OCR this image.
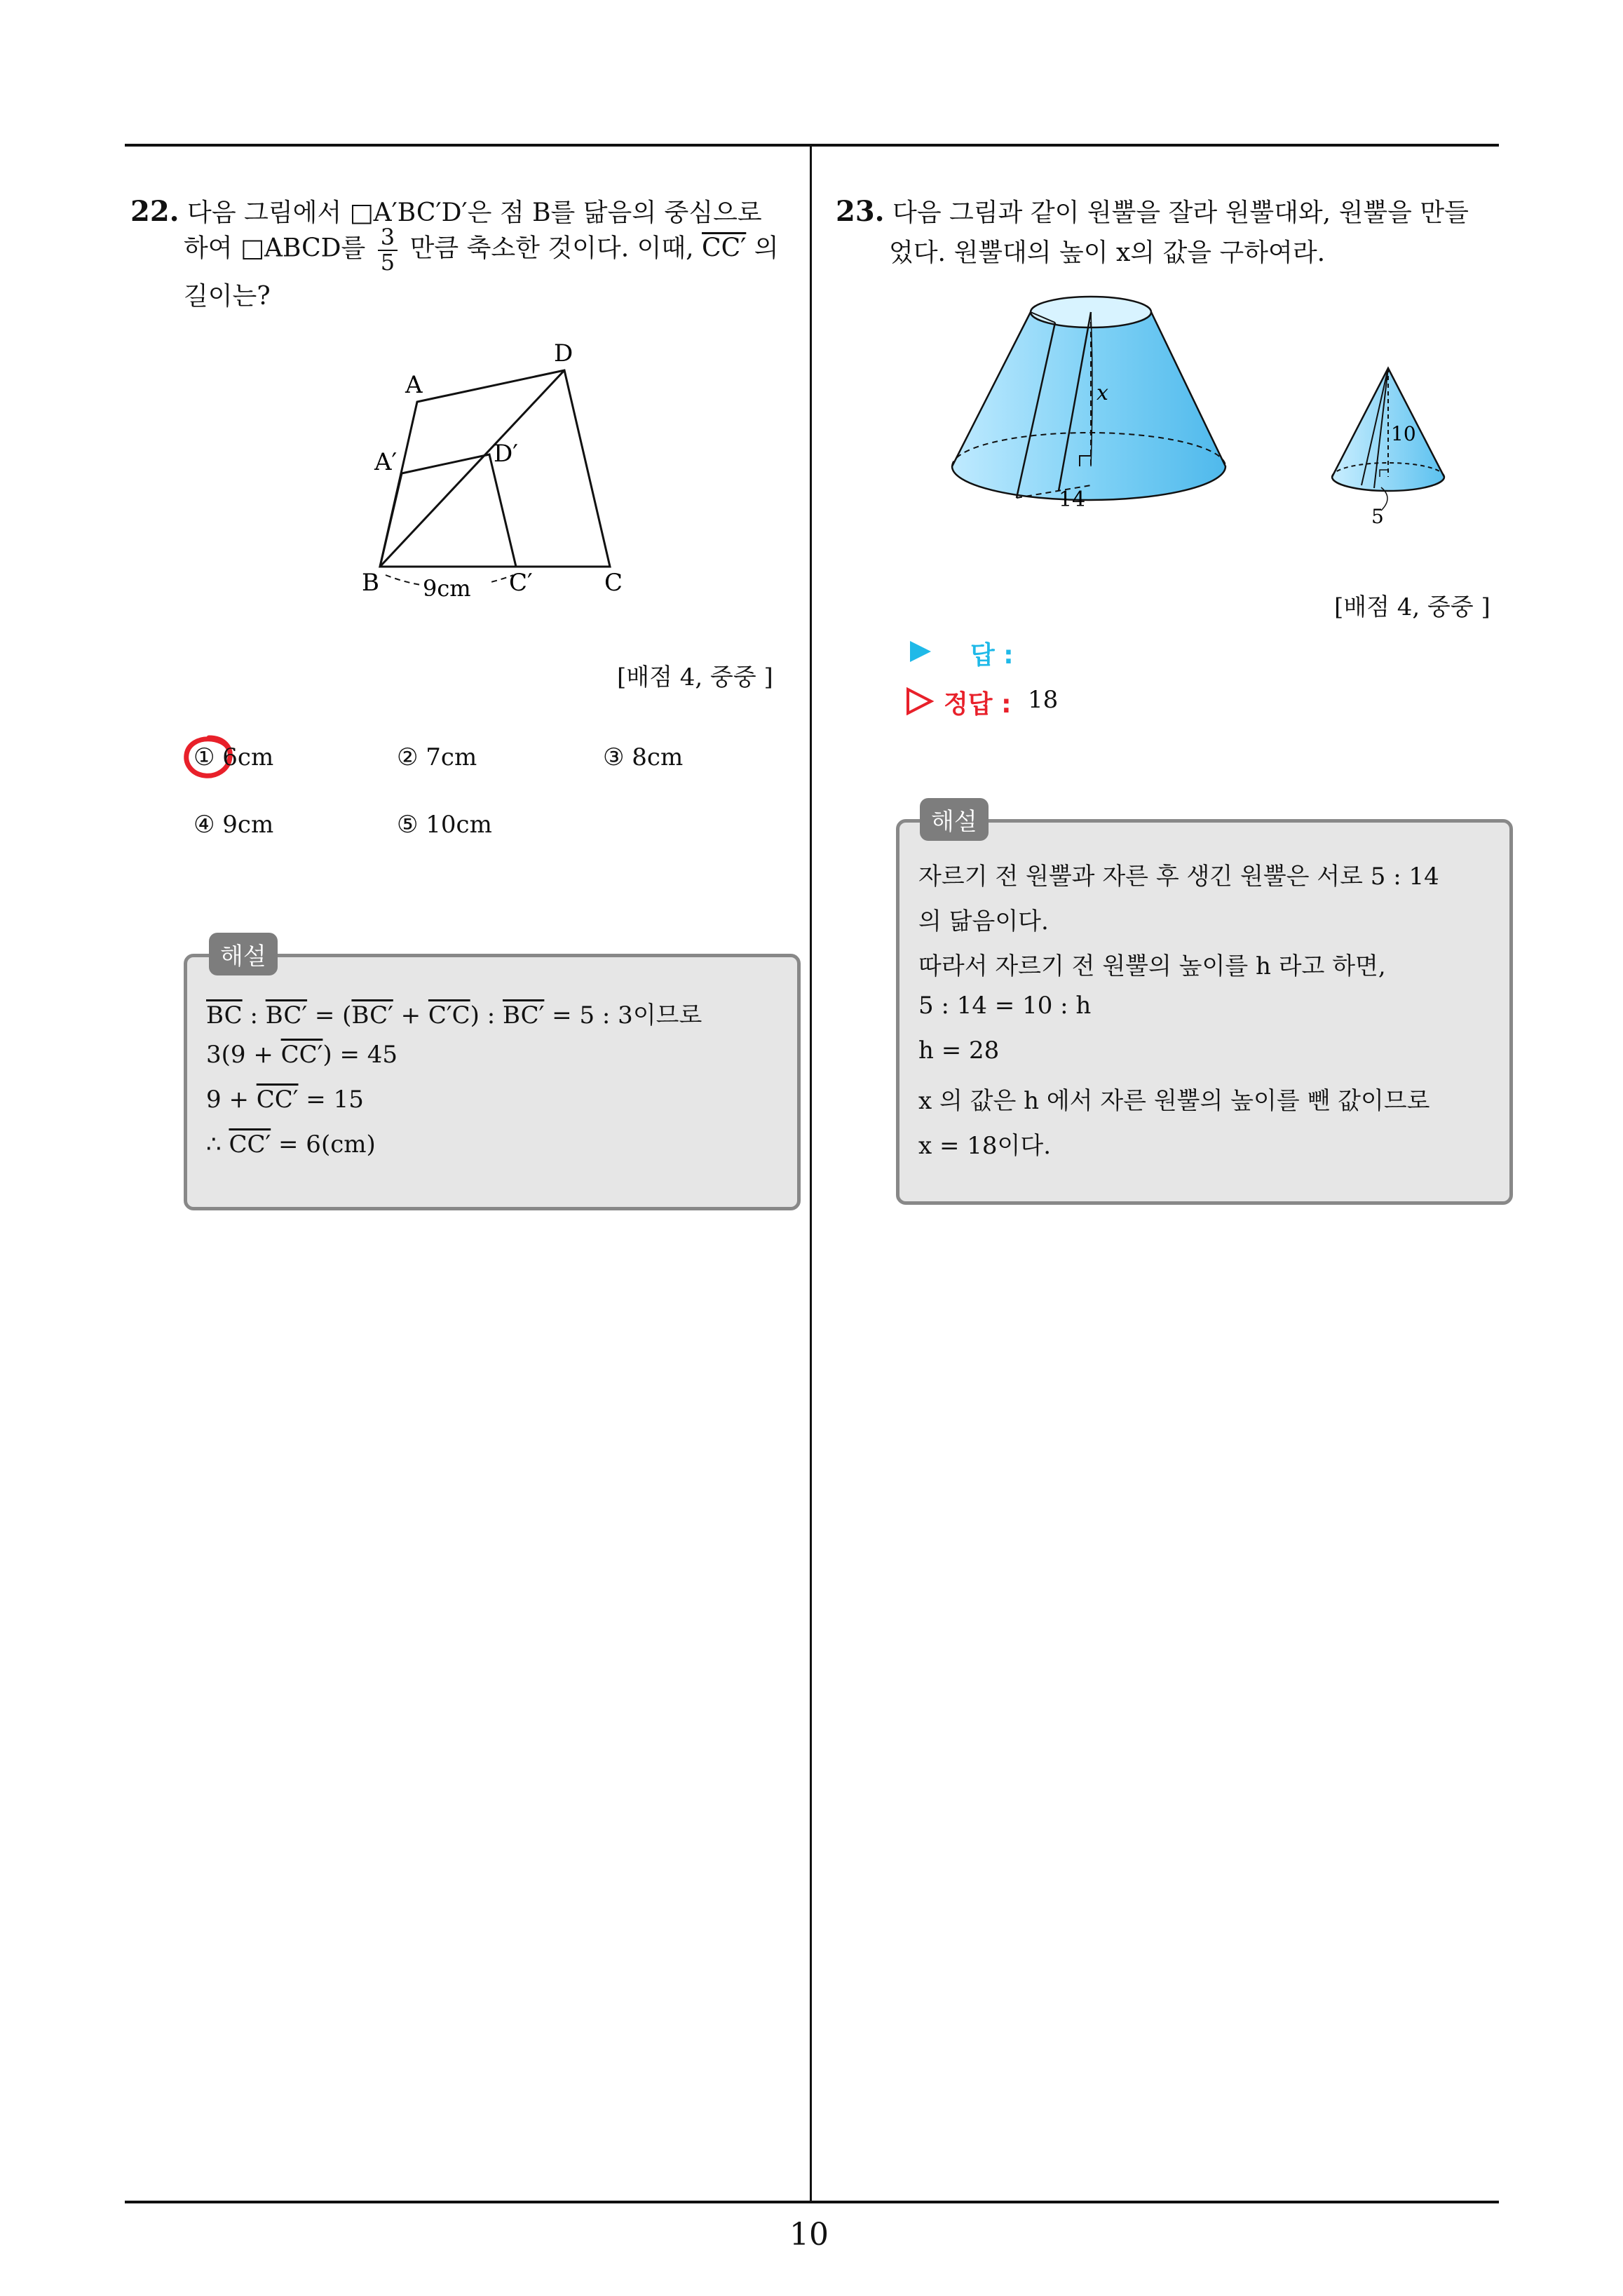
10
22. 다음 그림에서 □A′BC′D′은 점 B를 닮음의 중심으로
하여 □ABCD를 $\frac{3}{5}$ 만큼 축소한 것이다. 이때, CC′ 의
길이는?
A
D
A′	D′
B 9cm C′	C
[배점 4, 중중 ]
① 6cm	② 7cm	③ 8cm
④ 9cm	⑤ 10cm
해설
$\overline{BC}$ : BC′ = (BC′ + C′C) : BC′ = 5 : 3이므로
3(9 + CC′) = 45
9 + CC′ = 15
∴ CC′ = 6(cm)
23. 다음 그림과 같이 원뿔을 잘라 원뿔대와, 원뿔을 만들
었다. 원뿔대의 높이 x의 값을 구하여라.
x
14
10
5
[배점 4, 중중 ]
답 :
정답 : 18
해설
자르기 전 원뿔과 자른 후 생긴 원뿔은 서로 5 : 14
의 닮음이다.
따라서 자르기 전 원뿔의 높이를 h 라고 하면,
5 : 14 = 10 : h
h = 28
x 의 값은 h 에서 자른 원뿔의 높이를 뺀 값이므로
x = 18이다.
